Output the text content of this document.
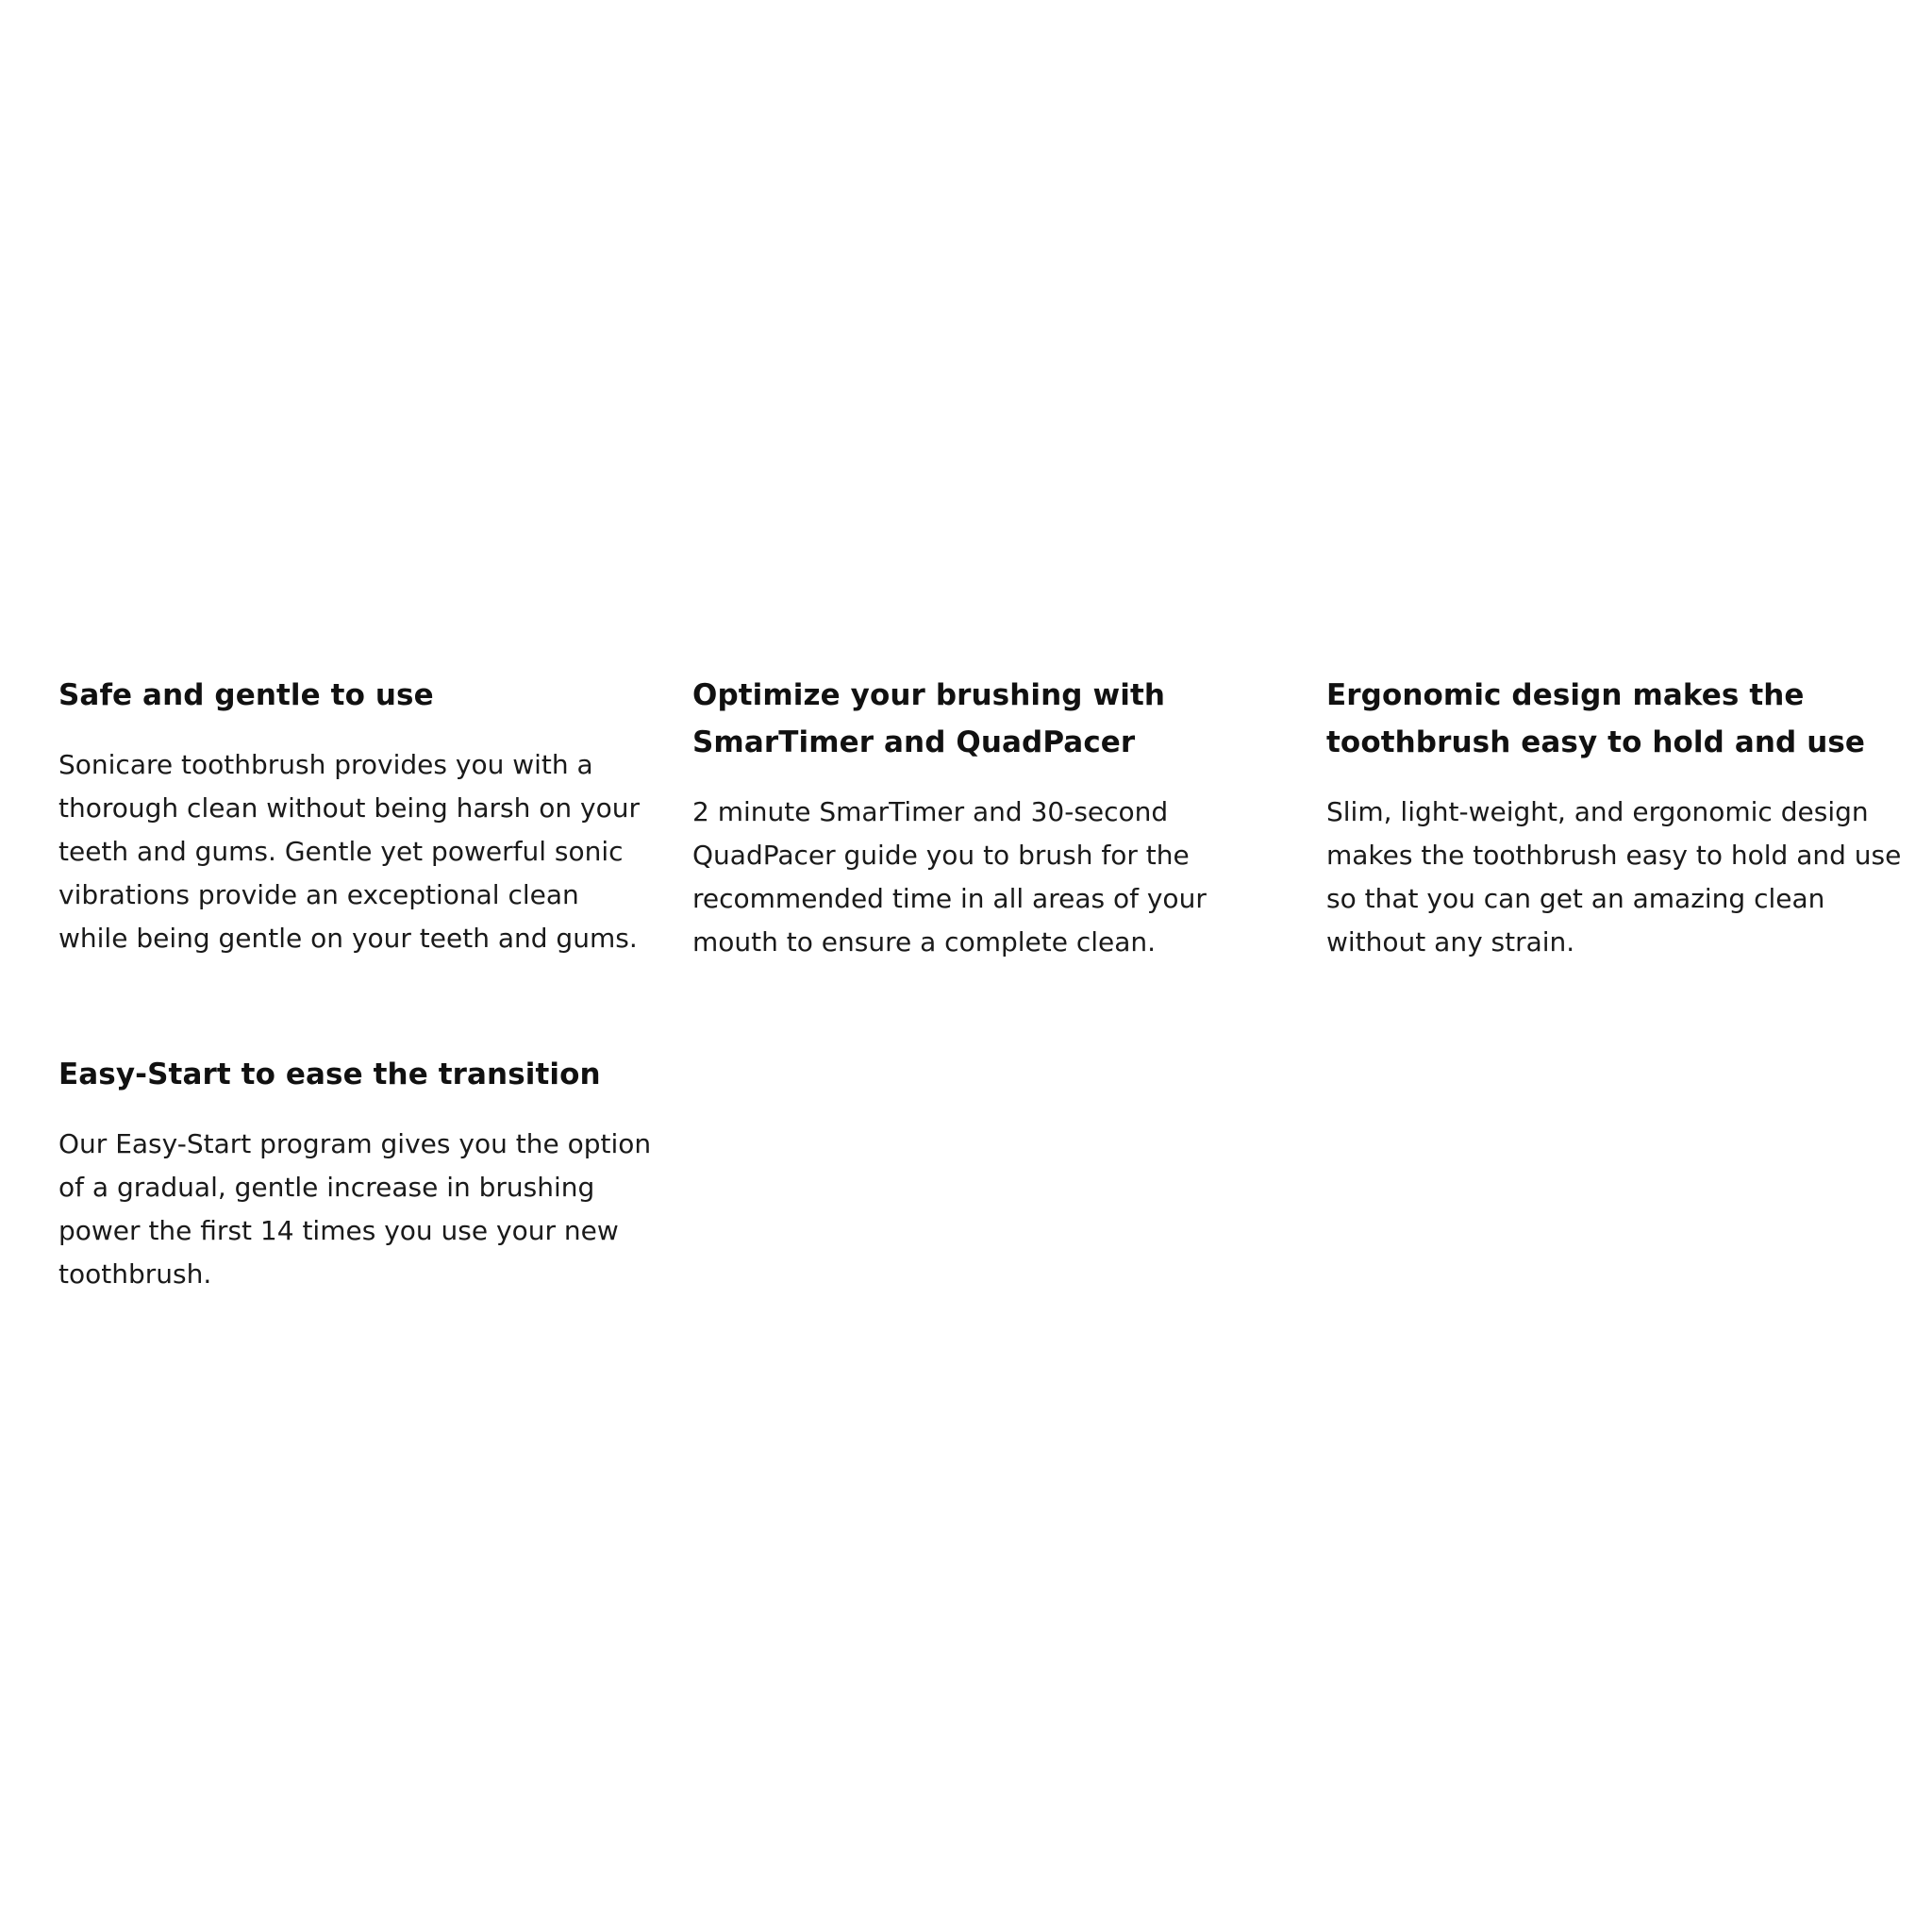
Safe and gentle to use

Sonicare toothbrush provides you with a thorough clean without being harsh on your teeth and gums. Gentle yet powerful sonic vibrations provide an exceptional clean while being gentle on your teeth and gums.

Optimize your brushing with SmarTimer and QuadPacer

2 minute SmarTimer and 30-second QuadPacer guide you to brush for the recommended time in all areas of your mouth to ensure a complete clean.

Ergonomic design makes the toothbrush easy to hold and use

Slim, light-weight, and ergonomic design makes the toothbrush easy to hold and use so that you can get an amazing clean without any strain.

Easy-Start to ease the transition

Our Easy-Start program gives you the option of a gradual, gentle increase in brushing power the first 14 times you use your new toothbrush.
